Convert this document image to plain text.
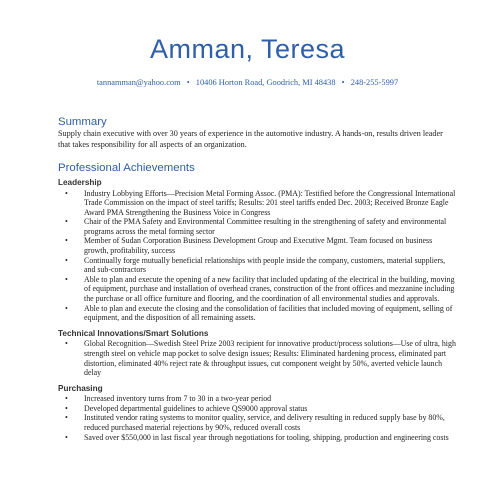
Amman, Teresa
tannamman@yahoo.com • 10406 Horton Road, Goodrich, MI 48438 • 248-255-5997
Summary

Supply chain executive with over 30 years of experience in the automotive industry. A hands-on, results driven leader that takes responsibility for all aspects of an organization.

Professional Achievements
Leadership
• Industry Lobbying Efforts—Precision Metal Forming Assoc. (PMA): Testified before the Congressional International Trade Commission on the impact of steel tariffs; Results: 201 steel tariffs ended Dec. 2003; Received Bronze Eagle Award PMA Strengthening the Business Voice in Congress
• Chair of the PMA Safety and Environmental Committee resulting in the strengthening of safety and environmental programs across the metal forming sector
• Member of Sudan Corporation Business Development Group and Executive Mgmt. Team focused on business growth, profitability, success
• Continually forge mutually beneficial relationships with people inside the company, customers, material suppliers, and sub-contractors
• Able to plan and execute the opening of a new facility that included updating of the electrical in the building, moving of equipment, purchase and installation of overhead cranes, construction of the front offices and mezzanine including the purchase or all office furniture and flooring, and the coordination of all environmental studies and approvals.
• Able to plan and execute the closing and the consolidation of facilities that included moving of equipment, selling of equipment, and the disposition of all remaining assets.
Technical Innovations/Smart Solutions
• Global Recognition—Swedish Steel Prize 2003 recipient for innovative product/process solutions—Use of ultra, high strength steel on vehicle map pocket to solve design issues; Results: Eliminated hardening process, eliminated part distortion, eliminated 40% reject rate & throughput issues, cut component weight by 50%, averted vehicle launch delay
Purchasing
• Increased inventory turns from 7 to 30 in a two-year period
• Developed departmental guidelines to achieve QS9000 approval status
• Instituted vendor rating systems to monitor quality, service, and delivery resulting in reduced supply base by 80%, reduced purchased material rejections by 90%, reduced overall costs
• Saved over $550,000 in last fiscal year through negotiations for tooling, shipping, production and engineering costs
